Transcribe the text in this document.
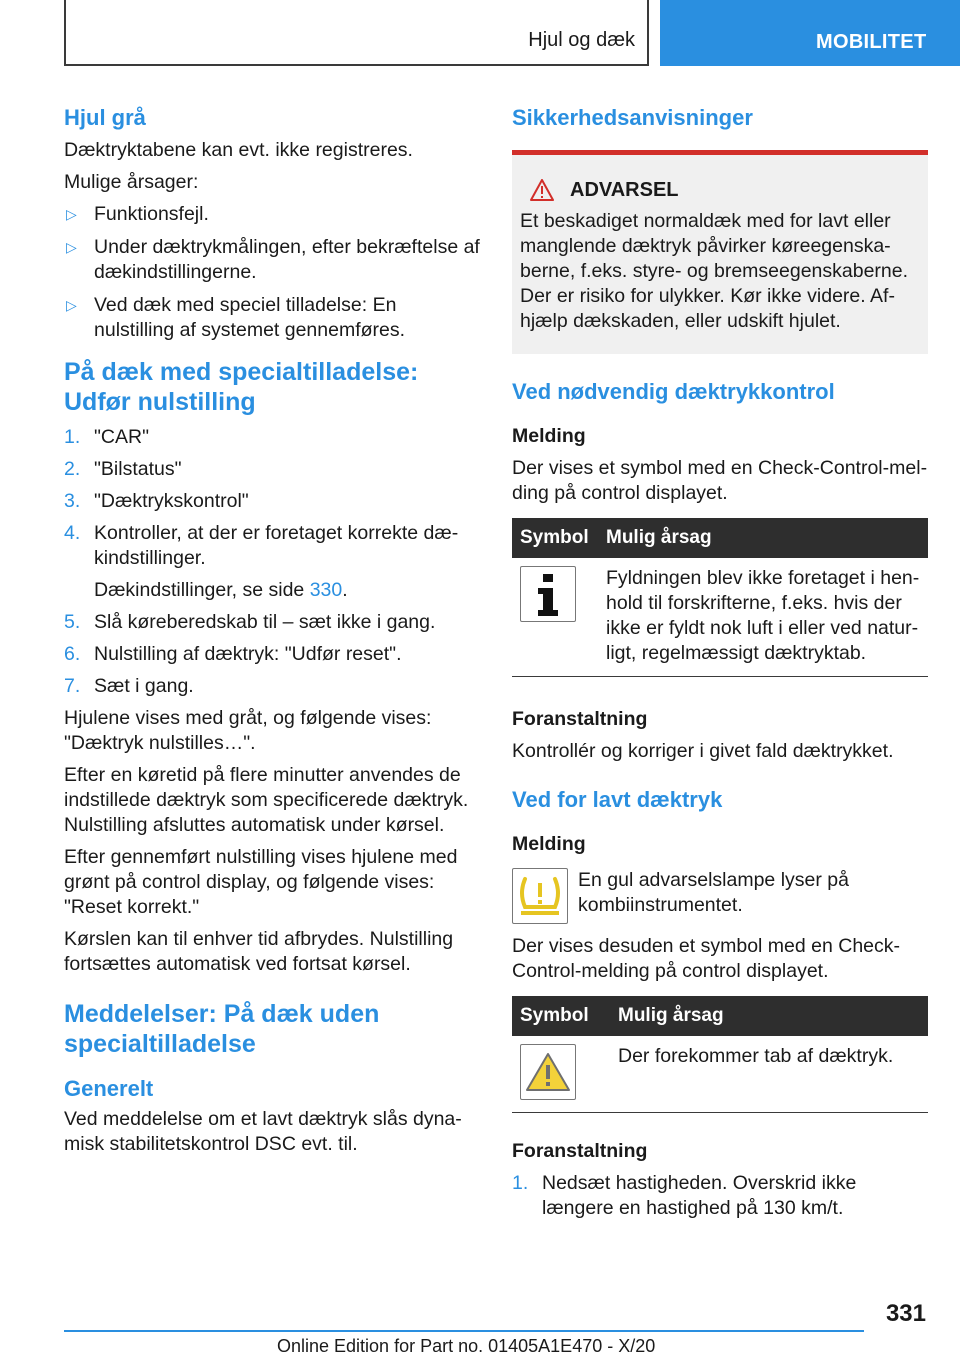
Hjul og dæk	MOBILITET
Hjul grå

Dæktryktabene kan evt. ikke registreres.

Mulige årsager:

▷ Funktionsfejl.
▷ Under dæktrykmålingen, efter bekræftelse af dækindstillingerne.
▷ Ved dæk med speciel tilladelse: En nulstilling af systemet gennemføres.
På dæk med specialtilladelse: Udfør nulstilling
1. "CAR"
2. "Bilstatus"
3. "Dæktrykskontrol"
4. Kontroller, at der er foretaget korrekte dækindstillinger.
Dækindstillinger, se side 330.
5. Slå køreberedskab til – sæt ikke i gang.
6. Nulstilling af dæktryk: "Udfør reset".
7. Sæt i gang.

Hjulene vises med gråt, og følgende vises: "Dæktryk nulstilles…".

Efter en køretid på flere minutter anvendes de indstillede dæktryk som specificerede dæktryk. Nulstilling afsluttes automatisk under kørsel.

Efter gennemført nulstilling vises hjulene med grønt på control display, og følgende vises: "Reset korrekt."

Kørslen kan til enhver tid afbrydes. Nulstilling fortsættes automatisk ved fortsat kørsel.

Meddelelser: På dæk uden specialtilladelse
Generelt

Ved meddelelse om et lavt dæktryk slås dynamisk stabilitetskontrol DSC evt. til.

Sikkerhedsanvisninger
ADVARSEL

Et beskadiget normaldæk med for lavt eller manglende dæktryk påvirker køreegenskaberne, f.eks. styre- og bremseegenskaberne. Der er risiko for ulykker. Kør ikke videre. Afhjælp dækskaden, eller udskift hjulet.

Ved nødvendig dæktrykkontrol
Melding

Der vises et symbol med en Check-Control-melding på control displayet.

Symbol	Mulig årsag

	Fyldningen blev ikke foretaget i henhold til forskrifterne, f.eks. hvis der ikke er fyldt nok luft i eller ved naturligt, regelmæssigt dæktryktab.
Foranstaltning

Kontrollér og korriger i givet fald dæktrykket.

Ved for lavt dæktryk
Melding

En gul advarselslampe lyser på kombiinstrumentet.

Der vises desuden et symbol med en Check-Control-melding på control displayet.

Symbol	Mulig årsag

	Der forekommer tab af dæktryk.
Foranstaltning
1. Nedsæt hastigheden. Overskrid ikke længere en hastighed på 130 km/t.
331
Online Edition for Part no. 01405A1E470 - X/20
